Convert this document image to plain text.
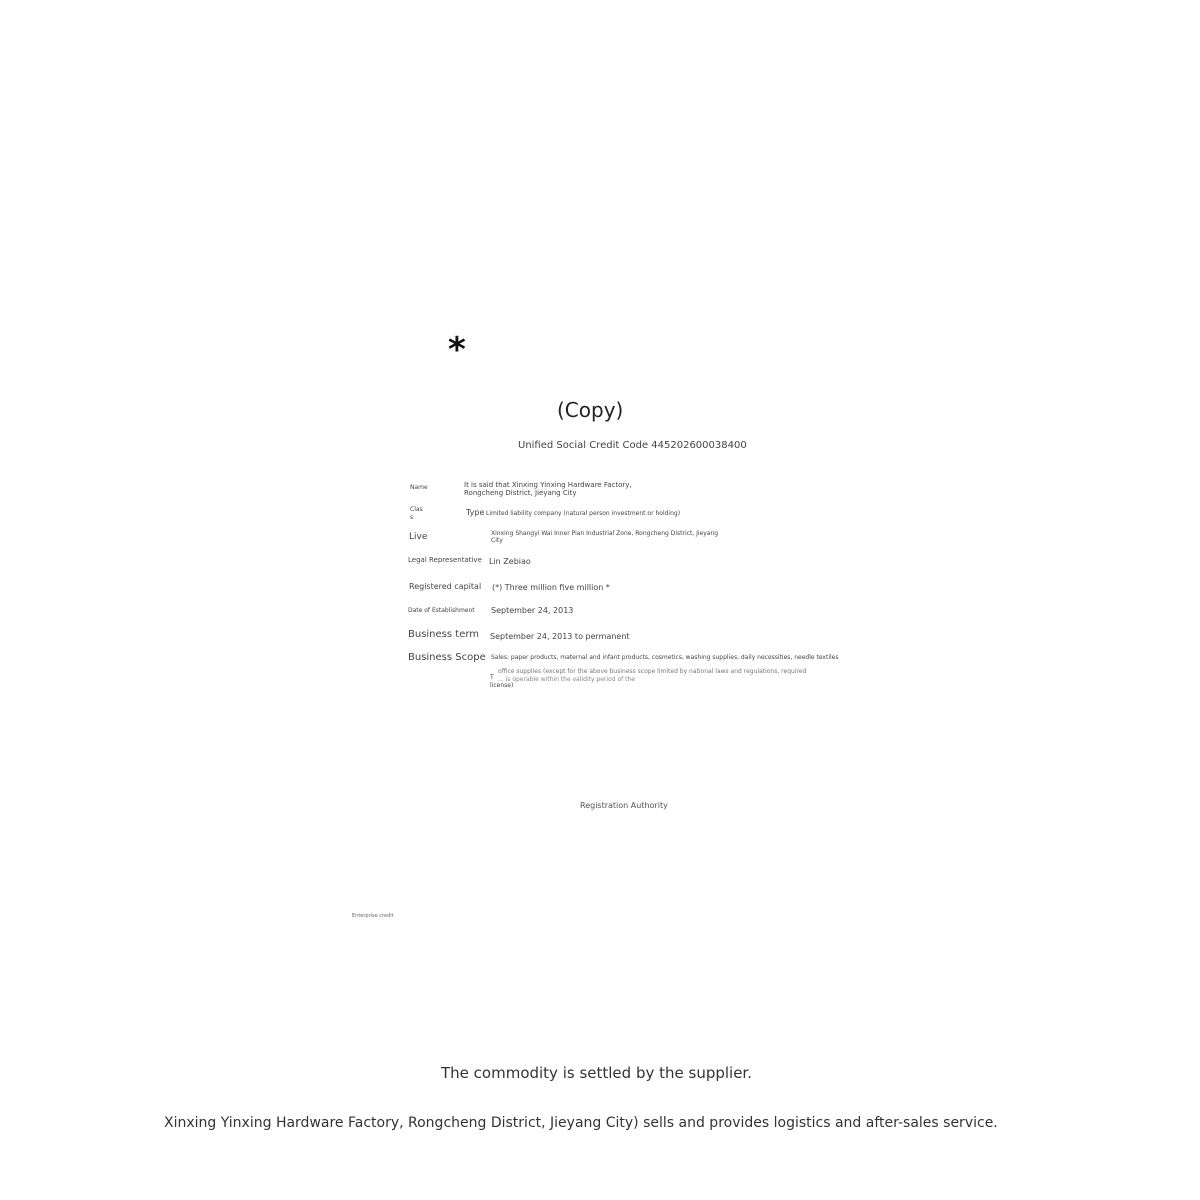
*
(Copy)
Unified Social Credit Code 445202600038400
Name	It is said that Xinxing Yinxing Hardware Factory,
Rongcheng District, Jieyang City
Clas
s
Type Limited liability company (natural person investment or holding)
Live	Xinxing Shangyi Wai Inner Pian Industrial Zone, Rongcheng District, Jieyang
City
Legal Representative Lin Zebiao
Registered capital (*) Three million five million *
Date of Establishment September 24, 2013
Business term September 24, 2013 to permanent
Business Scope Sales: paper products, maternal and infant products, cosmetics, washing supplies, daily necessities, needle textiles
office supplies (except for the above business scope limited by national laws and regulations, required
T ... is operable within the validity period of the
license)
Registration Authority
Enterprise credit
The commodity is settled by the supplier.
Xinxing Yinxing Hardware Factory, Rongcheng District, Jieyang City) sells and provides logistics and after-sales service.
